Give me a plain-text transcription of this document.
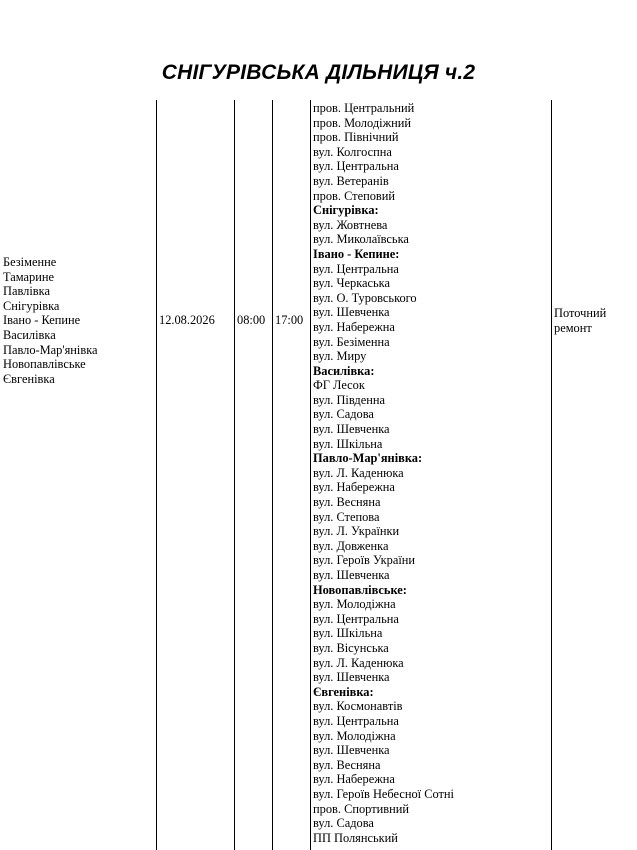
СНІГУРІВСЬКА ДІЛЬНИЦЯ ч.2
Безіменне
Тамарине
Павлівка
Снігурівка
Івано - Кепине
Василівка
Павло-Мар'янівка
Новопавлівське
Євгенівка
12.08.2026	08:00 17:00
пров. Центральний
пров. Молодіжний
пров. Північний
вул. Колгоспна
вул. Центральна
вул. Ветеранів
пров. Степовий
Снігурівка:
вул. Жовтнева
вул. Миколаївська
Івано - Кепине:
вул. Центральна
вул. Черкаська
вул. О. Туровського
вул. Шевченка
вул. Набережна
вул. Безіменна
вул. Миру
Василівка:
ФГ Лесок
вул. Південна
вул. Садова
вул. Шевченка
вул. Шкільна
Павло-Мар'янівка:
вул. Л. Каденюка
вул. Набережна
вул. Весняна
вул. Степова
вул. Л. Українки
вул. Довженка
вул. Героїв України
вул. Шевченка
Новопавлівське:
вул. Молодіжна
вул. Центральна
вул. Шкільна
вул. Вісунська
вул. Л. Каденюка
вул. Шевченка
Євгенівка:
вул. Космонавтів
вул. Центральна
вул. Молодіжна
вул. Шевченка
вул. Весняна
вул. Набережна
вул. Героїв Небесної Сотні
пров. Спортивний
вул. Садова
ПП Полянський
Поточний
ремонт
